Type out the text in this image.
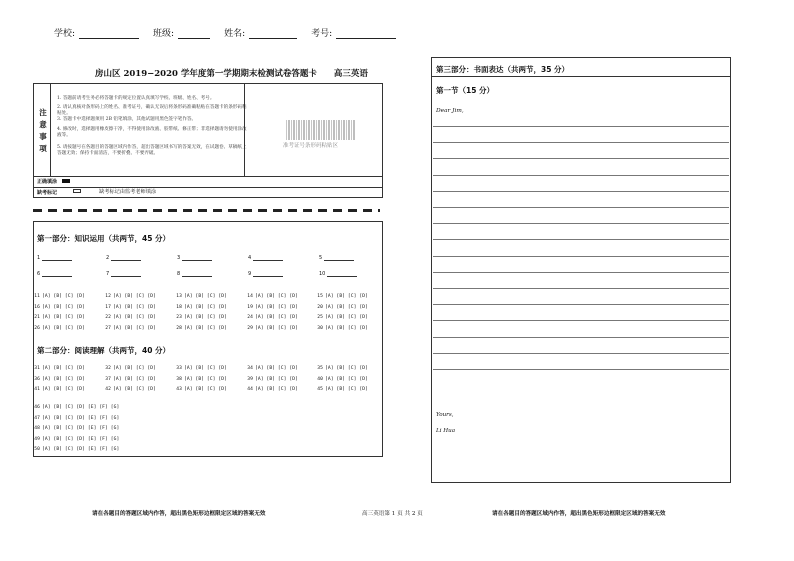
学校:	班级:	姓名:	考号:
房山区 2019−2020 学年度第一学期期末检测试卷答题卡　　高三英语
注意事项
1. 答题前请考生务必将答题卡的规定位置认真填写学校、班级、姓名、考号。
2. 请认真核对条形码上的姓名、准考证号，确认无误后将条形码准确粘贴在答题卡的条形码粘贴处。
3. 答题卡中选择题须用 2B 铅笔填涂，其他试题用黑色签字笔作答。
4. 修改时，选择题用橡皮擦干净，不得使用涂改液、胶带纸、修正带；非选择题请勿使用涂改液等。
5. 请按题号在各题目的答题区域内作答，超出答题区域书写的答案无效，在试题卷、草稿纸上答题无效；保持卡面清洁，不要折叠、不要弄破。
准考证号条形码粘贴区
正确填涂
缺考标记	缺考标记由监考老师填涂
第一部分：知识运用（共两节，45 分）
1	2	3	4	5
6	7	8	9	10
11 [A] [B] [C] [D]	12 [A] [B] [C] [D]	13 [A] [B] [C] [D]	14 [A] [B] [C] [D]	15 [A] [B] [C] [D]
16 [A] [B] [C] [D]	17 [A] [B] [C] [D]	18 [A] [B] [C] [D]	19 [A] [B] [C] [D]	20 [A] [B] [C] [D]
21 [A] [B] [C] [D]	22 [A] [B] [C] [D]	23 [A] [B] [C] [D]	24 [A] [B] [C] [D]	25 [A] [B] [C] [D]
26 [A] [B] [C] [D]	27 [A] [B] [C] [D]	28 [A] [B] [C] [D]	29 [A] [B] [C] [D]	30 [A] [B] [C] [D]
第二部分：阅读理解（共两节，40 分）
31 [A] [B] [C] [D]	32 [A] [B] [C] [D]	33 [A] [B] [C] [D]	34 [A] [B] [C] [D]	35 [A] [B] [C] [D]
36 [A] [B] [C] [D]	37 [A] [B] [C] [D]	38 [A] [B] [C] [D]	39 [A] [B] [C] [D]	40 [A] [B] [C] [D]
41 [A] [B] [C] [D]	42 [A] [B] [C] [D]	43 [A] [B] [C] [D]	44 [A] [B] [C] [D]	45 [A] [B] [C] [D]
46 [A] [B] [C] [D] [E] [F] [G]
47 [A] [B] [C] [D] [E] [F] [G]
48 [A] [B] [C] [D] [E] [F] [G]
49 [A] [B] [C] [D] [E] [F] [G]
50 [A] [B] [C] [D] [E] [F] [G]
第三部分：书面表达（共两节，35 分）
第一节（15 分）
Dear Jim,
Yours,
Li Hua
请在各题目的答题区域内作答，超出黑色矩形边框限定区域的答案无效	高三英语第 1 页 共 2 页	请在各题目的答题区域内作答，超出黑色矩形边框限定区域的答案无效
